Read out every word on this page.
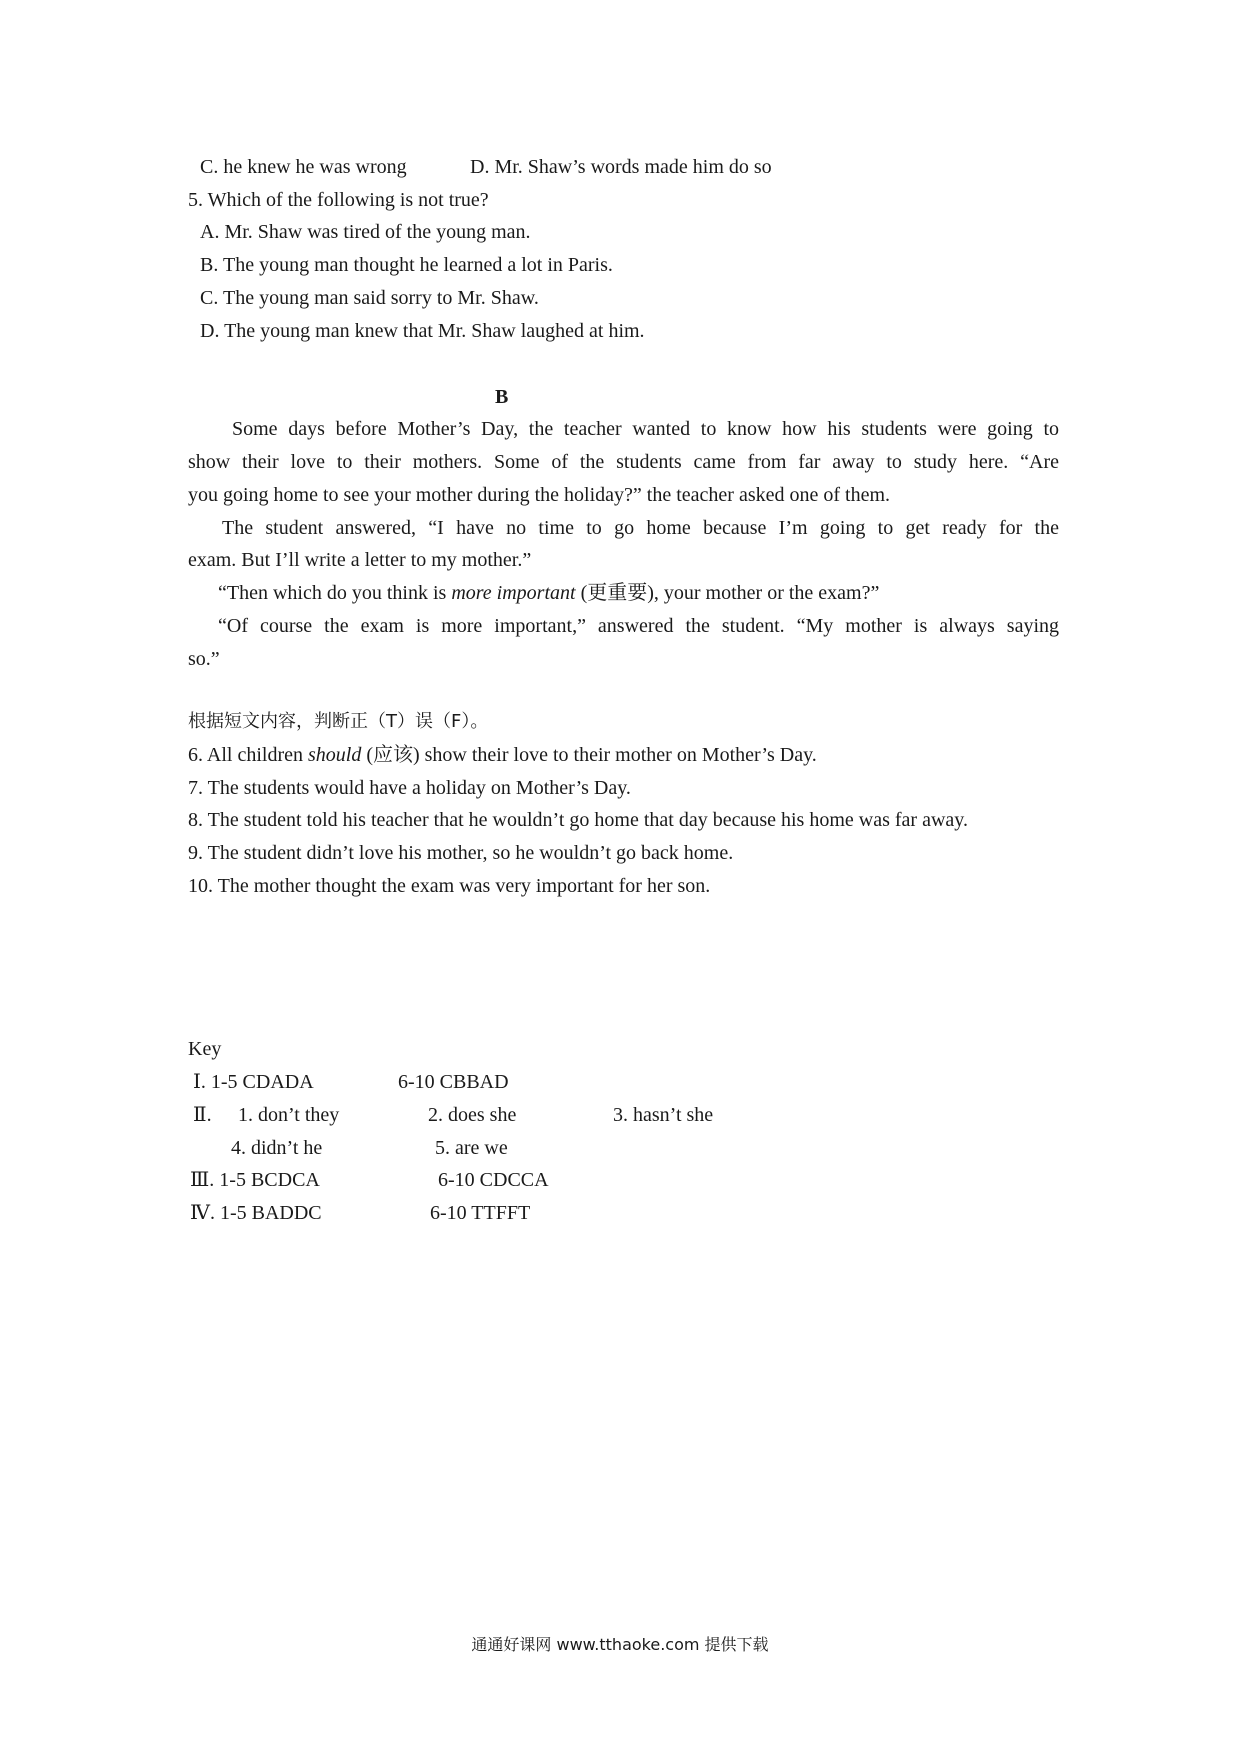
C. he knew he was wrong	D. Mr. Shaw’s words made him do so
5. Which of the following is not true?
A. Mr. Shaw was tired of the young man.
B. The young man thought he learned a lot in Paris.
C. The young man said sorry to Mr. Shaw.
D. The young man knew that Mr. Shaw laughed at him.
B
Some days before Mother’s Day, the teacher wanted to know how his students were going to
show their love to their mothers. Some of the students came from far away to study here. “Are
you going home to see your mother during the holiday?” the teacher asked one of them.
The student answered, “I have no time to go home because I’m going to get ready for the
exam. But I’ll write a letter to my mother.”
“Then which do you think is more important (更重要), your mother or the exam?”
“Of course the exam is more important,” answered the student. “My mother is always saying
so.”
根据短文内容，判断正（T）误（F）。
6. All children should (应该) show their love to their mother on Mother’s Day.
7. The students would have a holiday on Mother’s Day.
8. The student told his teacher that he wouldn’t go home that day because his home was far away.
9. The student didn’t love his mother, so he wouldn’t go back home.
10. The mother thought the exam was very important for her son.
Key
Ⅰ. 1-5 CDADA	6-10 CBBAD
Ⅱ. 1. don’t they	2. does she	3. hasn’t she
4. didn’t he	5. are we
Ⅲ. 1-5 BCDCA	6-10 CDCCA
Ⅳ. 1-5 BADDC	6-10 TTFFT
通通好课网 www.tthaoke.com 提供下载
